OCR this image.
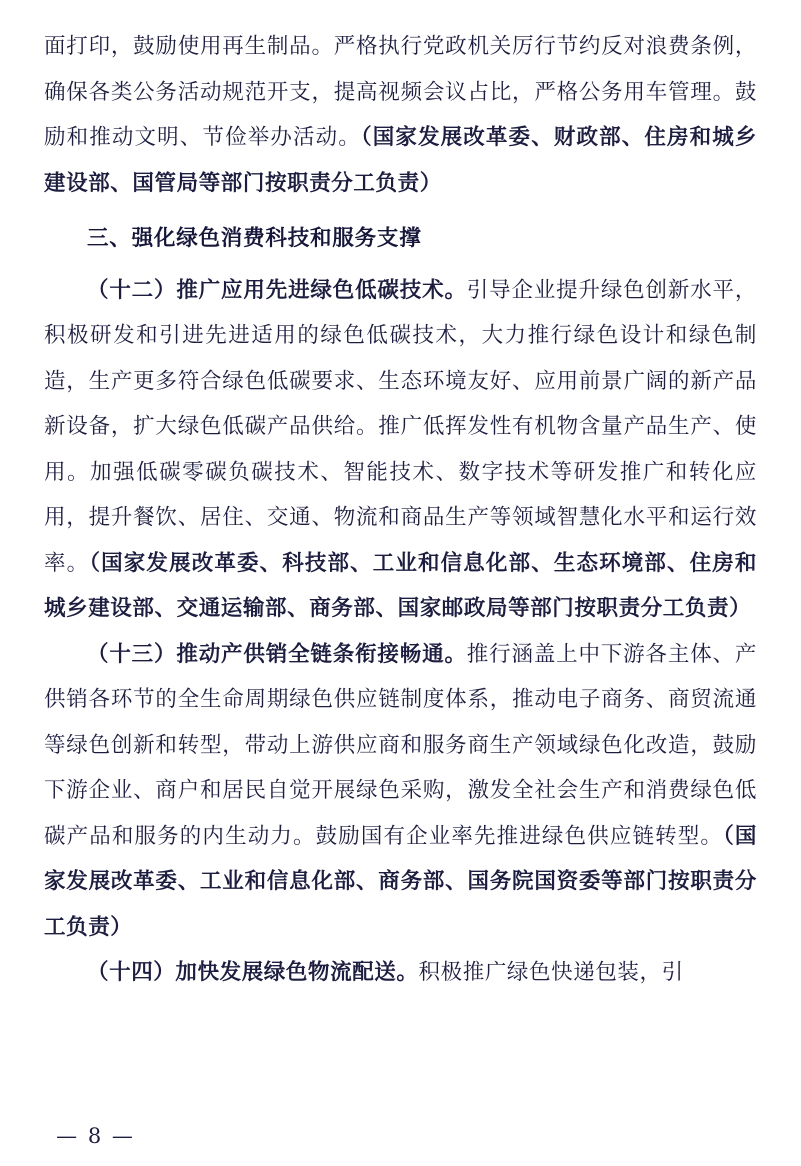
面打印，鼓励使用再生制品。严格执行党政机关厉行节约反对浪费条例，确保各类公务活动规范开支，提高视频会议占比，严格公务用车管理。鼓励和推动文明、节俭举办活动。（国家发展改革委、财政部、住房和城乡建设部、国管局等部门按职责分工负责）

三、强化绿色消费科技和服务支撑

（十二）推广应用先进绿色低碳技术。引导企业提升绿色创新水平，积极研发和引进先进适用的绿色低碳技术，大力推行绿色设计和绿色制造，生产更多符合绿色低碳要求、生态环境友好、应用前景广阔的新产品新设备，扩大绿色低碳产品供给。推广低挥发性有机物含量产品生产、使用。加强低碳零碳负碳技术、智能技术、数字技术等研发推广和转化应用，提升餐饮、居住、交通、物流和商品生产等领域智慧化水平和运行效率。（国家发展改革委、科技部、工业和信息化部、生态环境部、住房和城乡建设部、交通运输部、商务部、国家邮政局等部门按职责分工负责）

（十三）推动产供销全链条衔接畅通。推行涵盖上中下游各主体、产供销各环节的全生命周期绿色供应链制度体系，推动电子商务、商贸流通等绿色创新和转型，带动上游供应商和服务商生产领域绿色化改造，鼓励下游企业、商户和居民自觉开展绿色采购，激发全社会生产和消费绿色低碳产品和服务的内生动力。鼓励国有企业率先推进绿色供应链转型。（国家发展改革委、工业和信息化部、商务部、国务院国资委等部门按职责分工负责）

（十四）加快发展绿色物流配送。积极推广绿色快递包装，引

— 8 —
